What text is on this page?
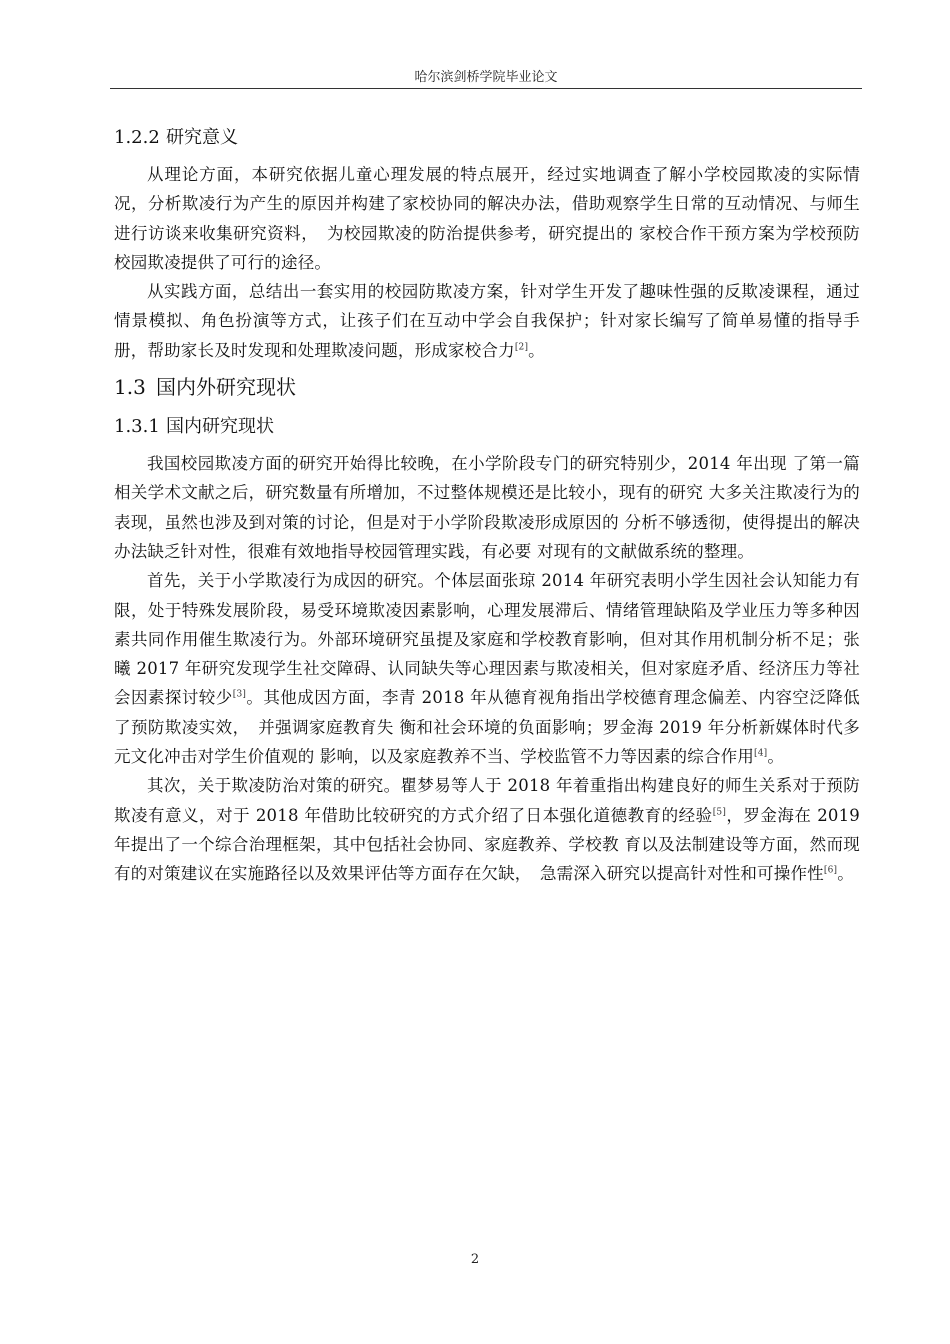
哈尔滨剑桥学院毕业论文
1.2.2 研究意义

从理论方面，本研究依据儿童心理发展的特点展开，经过实地调查了解小学校园欺凌的实际情况，分析欺凌行为产生的原因并构建了家校协同的解决办法，借助观察学生日常的互动情况、与师生进行访谈来收集研究资料，　为校园欺凌的防治提供参考，研究提出的 家校合作干预方案为学校预防校园欺凌提供了可行的途径。

从实践方面，总结出一套实用的校园防欺凌方案，针对学生开发了趣味性强的反欺凌课程，通过情景模拟、角色扮演等方式，让孩子们在互动中学会自我保护；针对家长编写了简单易懂的指导手册，帮助家长及时发现和处理欺凌问题，形成家校合力[2]。

1.3 国内外研究现状
1.3.1 国内研究现状

我国校园欺凌方面的研究开始得比较晚，在小学阶段专门的研究特别少，2014 年出现 了第一篇相关学术文献之后，研究数量有所增加，不过整体规模还是比较小，现有的研究 大多关注欺凌行为的表现，虽然也涉及到对策的讨论，但是对于小学阶段欺凌形成原因的 分析不够透彻，使得提出的解决办法缺乏针对性，很难有效地指导校园管理实践，有必要 对现有的文献做系统的整理。

首先，关于小学欺凌行为成因的研究。个体层面张琼 2014 年研究表明小学生因社会认知能力有限，处于特殊发展阶段，易受环境欺凌因素影响，心理发展滞后、情绪管理缺陷及学业压力等多种因素共同作用催生欺凌行为。外部环境研究虽提及家庭和学校教育影响，但对其作用机制分析不足；张曦 2017 年研究发现学生社交障碍、认同缺失等心理因素与欺凌相关，但对家庭矛盾、经济压力等社会因素探讨较少[3]。其他成因方面，李青 2018 年从德育视角指出学校德育理念偏差、内容空泛降低了预防欺凌实效，　并强调家庭教育失 衡和社会环境的负面影响；罗金海 2019 年分析新媒体时代多元文化冲击对学生价值观的 影响，以及家庭教养不当、学校监管不力等因素的综合作用[4]。

其次，关于欺凌防治对策的研究。瞿梦易等人于 2018 年着重指出构建良好的师生关系对于预防欺凌有意义，对于 2018 年借助比较研究的方式介绍了日本强化道德教育的经验[5]，罗金海在 2019 年提出了一个综合治理框架，其中包括社会协同、家庭教养、学校教 育以及法制建设等方面，然而现有的对策建议在实施路径以及效果评估等方面存在欠缺，　急需深入研究以提高针对性和可操作性[6]。

2
